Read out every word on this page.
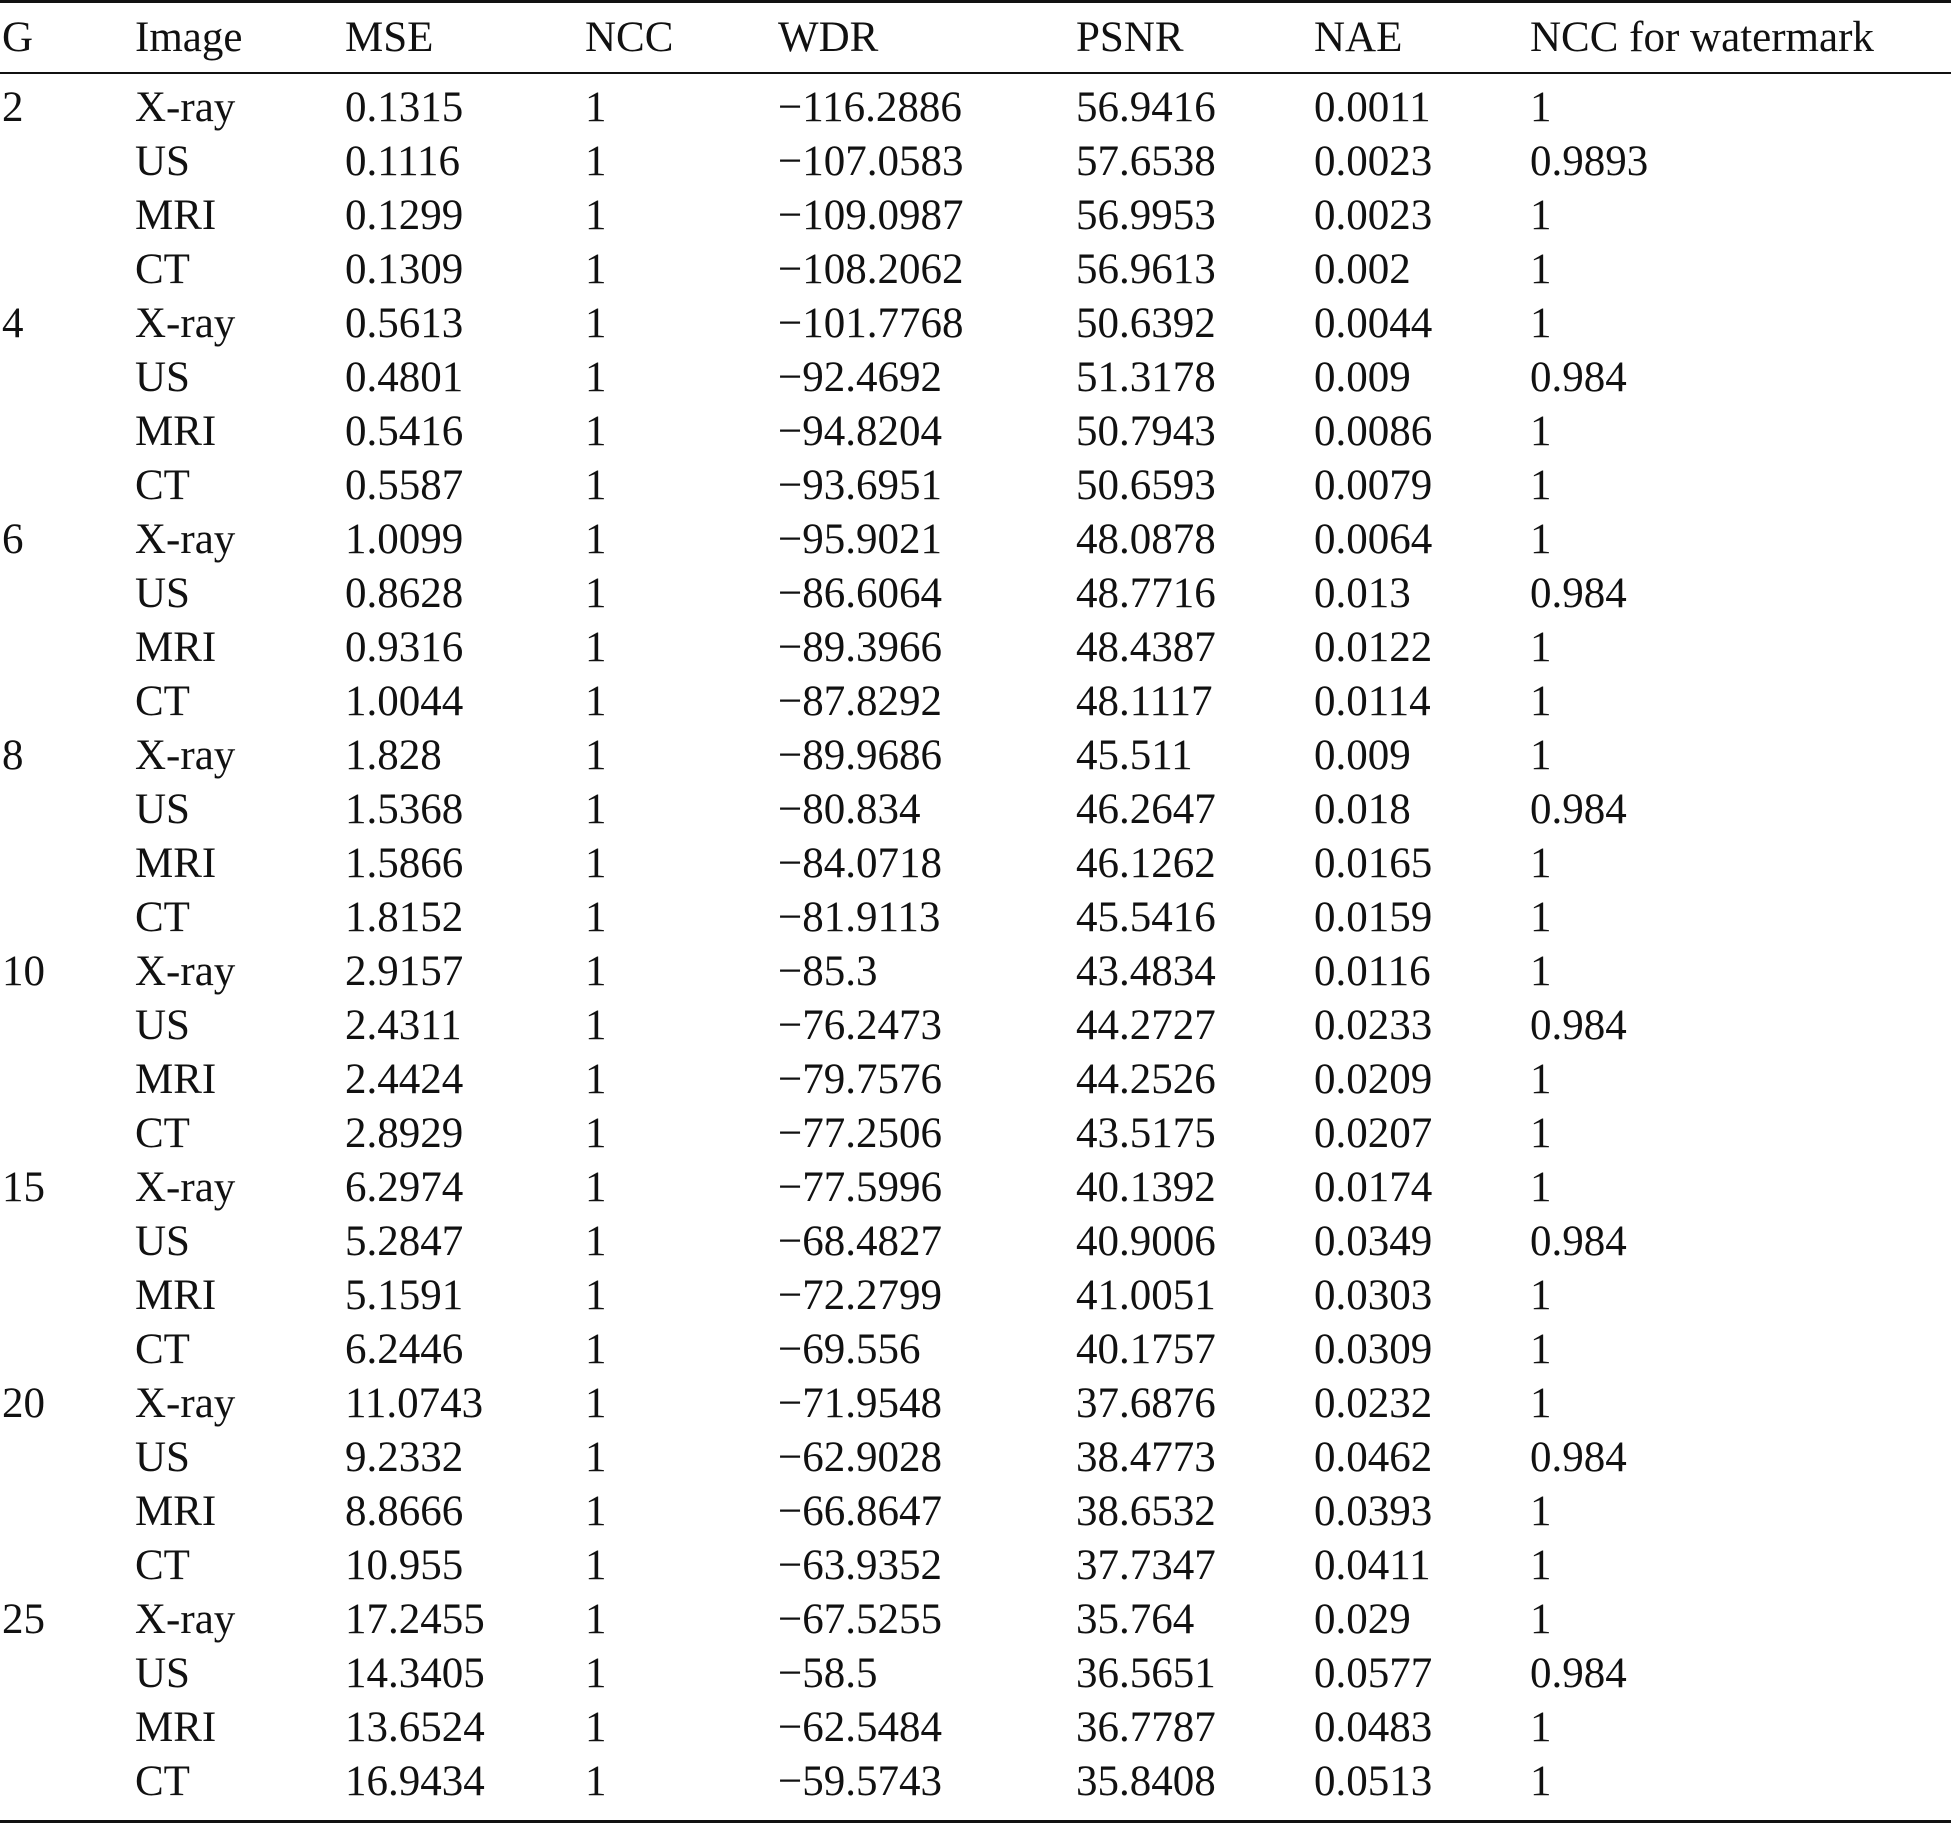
G	Image	MSE	NCC	WDR	PSNR	NAE	NCC for watermark
2	X-ray	0.1315	1	−116.2886	56.9416	0.0011	1
	US	0.1116	1	−107.0583	57.6538	0.0023	0.9893
	MRI	0.1299	1	−109.0987	56.9953	0.0023	1
	CT	0.1309	1	−108.2062	56.9613	0.002	1
4	X-ray	0.5613	1	−101.7768	50.6392	0.0044	1
	US	0.4801	1	−92.4692	51.3178	0.009	0.984
	MRI	0.5416	1	−94.8204	50.7943	0.0086	1
	CT	0.5587	1	−93.6951	50.6593	0.0079	1
6	X-ray	1.0099	1	−95.9021	48.0878	0.0064	1
	US	0.8628	1	−86.6064	48.7716	0.013	0.984
	MRI	0.9316	1	−89.3966	48.4387	0.0122	1
	CT	1.0044	1	−87.8292	48.1117	0.0114	1
8	X-ray	1.828	1	−89.9686	45.511	0.009	1
	US	1.5368	1	−80.834	46.2647	0.018	0.984
	MRI	1.5866	1	−84.0718	46.1262	0.0165	1
	CT	1.8152	1	−81.9113	45.5416	0.0159	1
10	X-ray	2.9157	1	−85.3	43.4834	0.0116	1
	US	2.4311	1	−76.2473	44.2727	0.0233	0.984
	MRI	2.4424	1	−79.7576	44.2526	0.0209	1
	CT	2.8929	1	−77.2506	43.5175	0.0207	1
15	X-ray	6.2974	1	−77.5996	40.1392	0.0174	1
	US	5.2847	1	−68.4827	40.9006	0.0349	0.984
	MRI	5.1591	1	−72.2799	41.0051	0.0303	1
	CT	6.2446	1	−69.556	40.1757	0.0309	1
20	X-ray	11.0743	1	−71.9548	37.6876	0.0232	1
	US	9.2332	1	−62.9028	38.4773	0.0462	0.984
	MRI	8.8666	1	−66.8647	38.6532	0.0393	1
	CT	10.955	1	−63.9352	37.7347	0.0411	1
25	X-ray	17.2455	1	−67.5255	35.764	0.029	1
	US	14.3405	1	−58.5	36.5651	0.0577	0.984
	MRI	13.6524	1	−62.5484	36.7787	0.0483	1
	CT	16.9434	1	−59.5743	35.8408	0.0513	1
